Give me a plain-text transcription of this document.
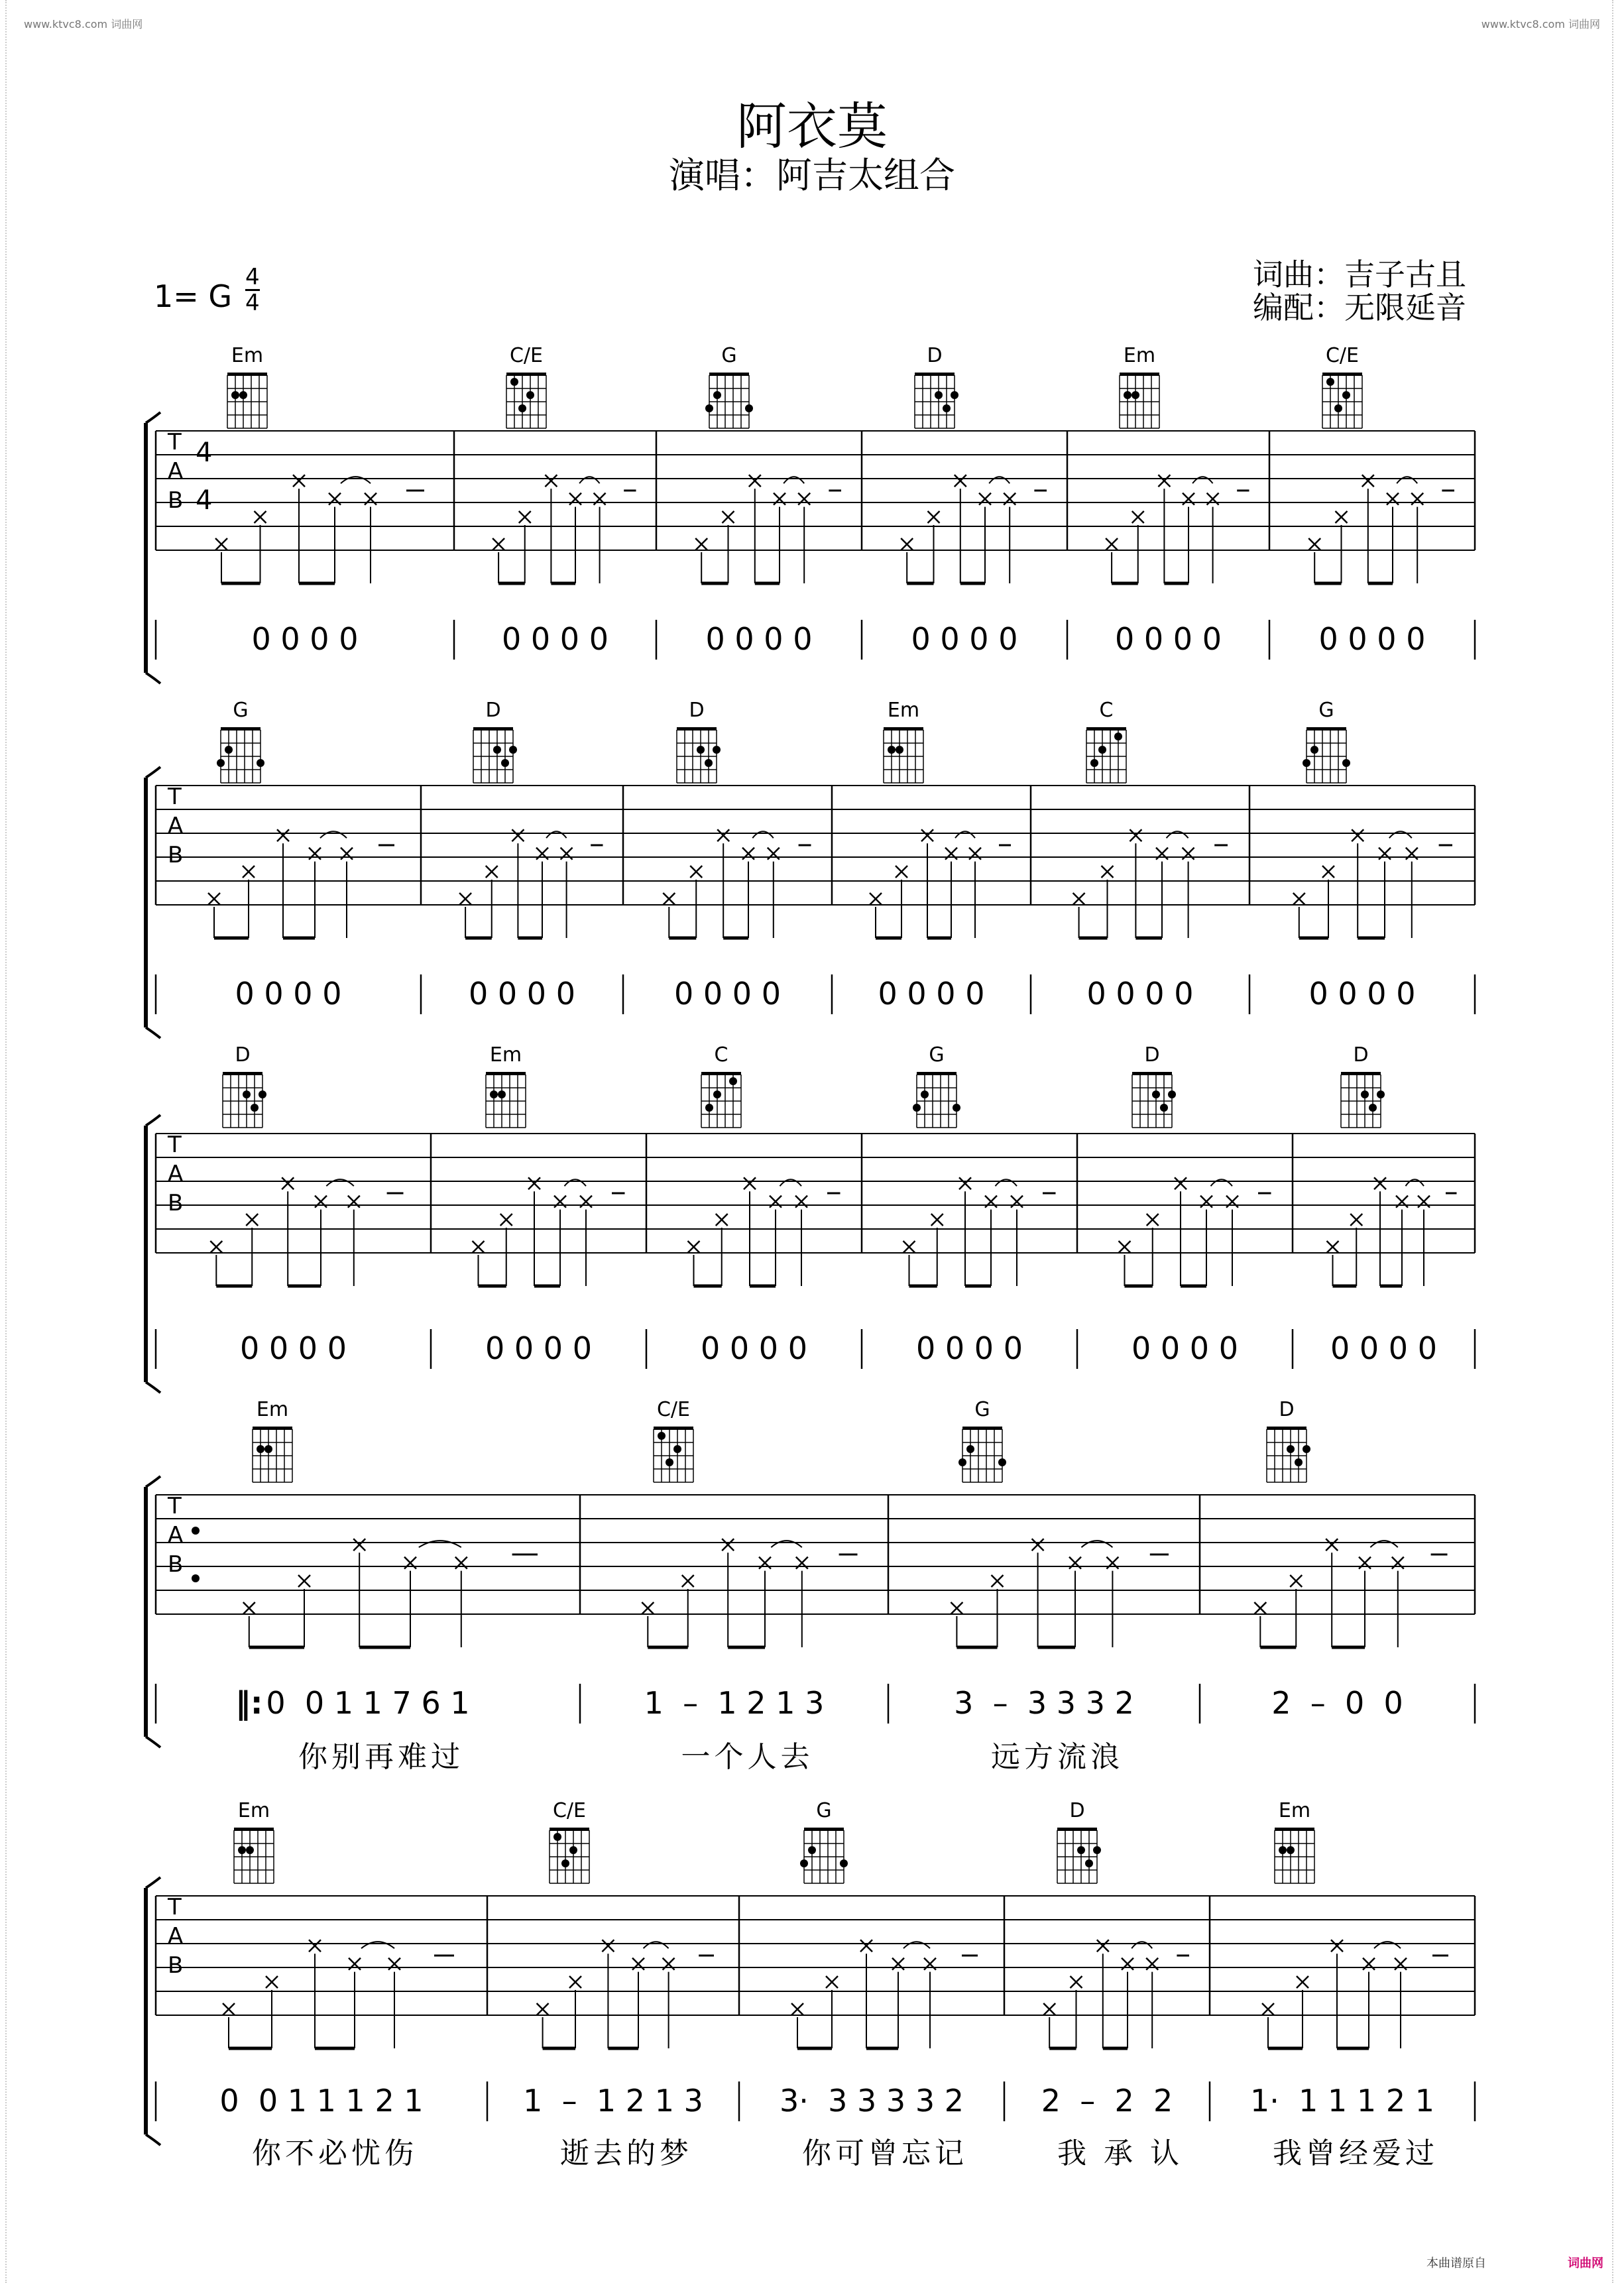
www.ktvc8.com 词曲网	www.ktvc8.com 词曲网
阿衣莫
演唱：阿吉太组合
词曲：吉子古且
编配：无限延音
1= G $\frac{4}{4}$
T
A
B
4
4
Em	C/E	G	D	Em	C/E
0 0 0 0	0 0 0 0	0 0 0 0	0 0 0 0	0 0 0 0	0 0 0 0
T
A
B
G	D	D	Em	C	G
0 0 0 0	0 0 0 0	0 0 0 0	0 0 0 0	0 0 0 0	0 0 0 0
T
A
B
D	Em	C	G	D	D
0 0 0 0	0 0 0 0	0 0 0 0	0 0 0 0	0 0 0 0	0 0 0 0
T
A
B
Em	C/E	G	D
0  0 1 1 7 6 1	1  –  1 2 1 3	3  –  3 3 3 2	2  –  0  0
‖:
你别再难过	一个人去	远方流浪
T
A
B
Em	C/E	G	D	Em
0  0 1 1 1 2 1	1  –  1 2 1 3	3·  3 3 3 3 2	2  –  2  2	1·  1 1 1 2 1
你不必忧伤	逝去的梦	你可曾忘记	我 承 认	我曾经爱过
本曲谱原自	词曲网
